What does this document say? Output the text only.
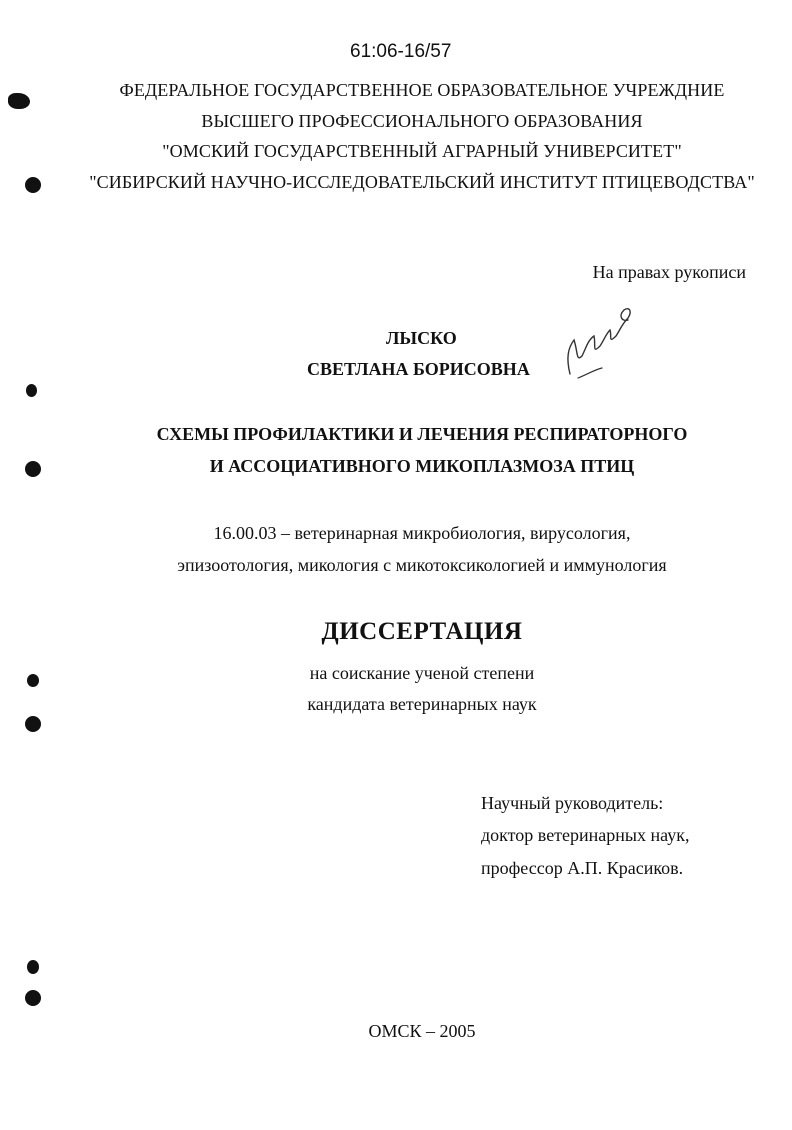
61:06-16/57
ФЕДЕРАЛЬНОЕ ГОСУДАРСТВЕННОЕ ОБРАЗОВАТЕЛЬНОЕ УЧРЕЖДНИЕ
ВЫСШЕГО ПРОФЕССИОНАЛЬНОГО ОБРАЗОВАНИЯ
"ОМСКИЙ ГОСУДАРСТВЕННЫЙ АГРАРНЫЙ УНИВЕРСИТЕТ"
"СИБИРСКИЙ НАУЧНО-ИССЛЕДОВАТЕЛЬСКИЙ ИНСТИТУТ ПТИЦЕВОДСТВА"
На правах рукописи
ЛЫСКО
СВЕТЛАНА БОРИСОВНА
СХЕМЫ ПРОФИЛАКТИКИ И ЛЕЧЕНИЯ РЕСПИРАТОРНОГО
И АССОЦИАТИВНОГО МИКОПЛАЗМОЗА ПТИЦ
16.00.03 – ветеринарная микробиология, вирусология,
эпизоотология, микология с микотоксикологией и иммунология
ДИССЕРТАЦИЯ
на соискание ученой степени
кандидата ветеринарных наук
Научный руководитель:
доктор ветеринарных наук,
профессор А.П. Красиков.
ОМСК – 2005
